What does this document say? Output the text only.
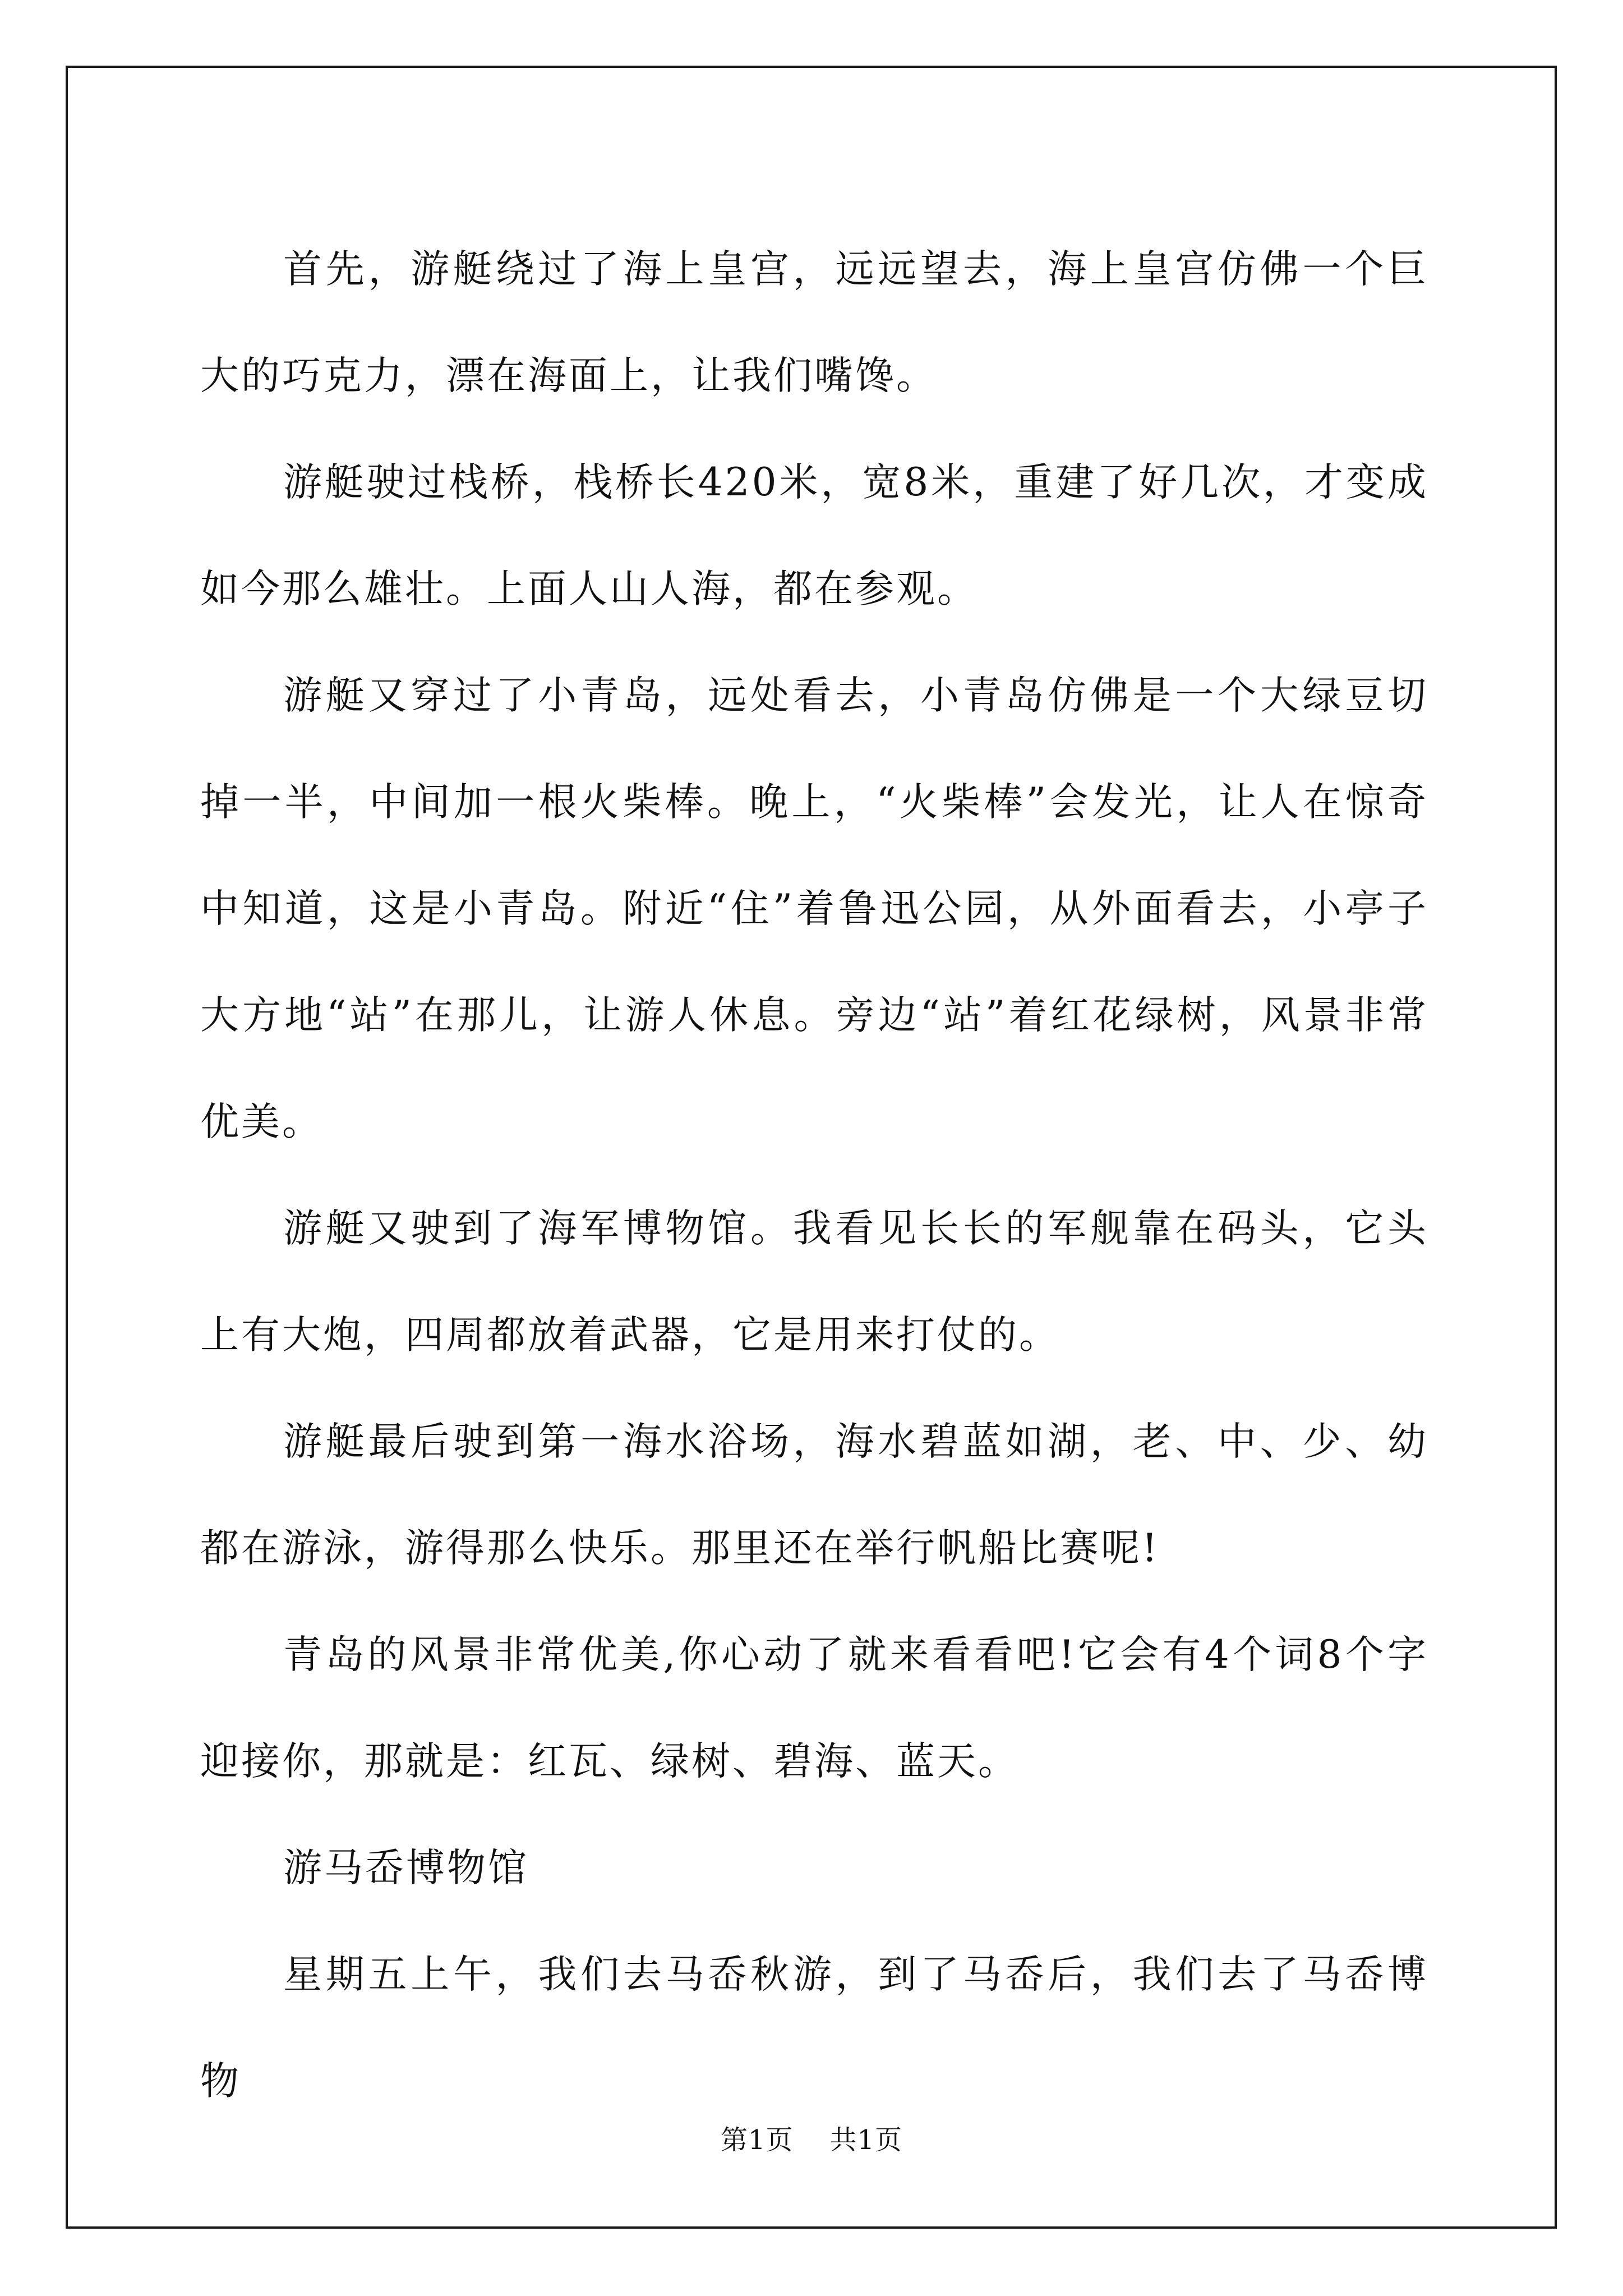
首先，游艇绕过了海上皇宫，远远望去，海上皇宫仿佛一个巨大的巧克力，漂在海面上，让我们嘴馋。

游艇驶过栈桥，栈桥长420米，宽8米，重建了好几次，才变成如今那么雄壮。上面人山人海，都在参观。

游艇又穿过了小青岛，远处看去，小青岛仿佛是一个大绿豆切掉一半，中间加一根火柴棒。晚上，“火柴棒”会发光，让人在惊奇中知道，这是小青岛。附近“住”着鲁迅公园，从外面看去，小亭子大方地“站”在那儿，让游人休息。旁边“站”着红花绿树，风景非常优美。

游艇又驶到了海军博物馆。我看见长长的军舰靠在码头，它头上有大炮，四周都放着武器，它是用来打仗的。

游艇最后驶到第一海水浴场，海水碧蓝如湖，老、中、少、幼都在游泳，游得那么快乐。那里还在举行帆船比赛呢!

青岛的风景非常优美,你心动了就来看看吧!它会有4个词8个字迎接你，那就是：红瓦、绿树、碧海、蓝天。

游马岙博物馆

星期五上午，我们去马岙秋游，到了马岙后，我们去了马岙博物

第1页 共1页
